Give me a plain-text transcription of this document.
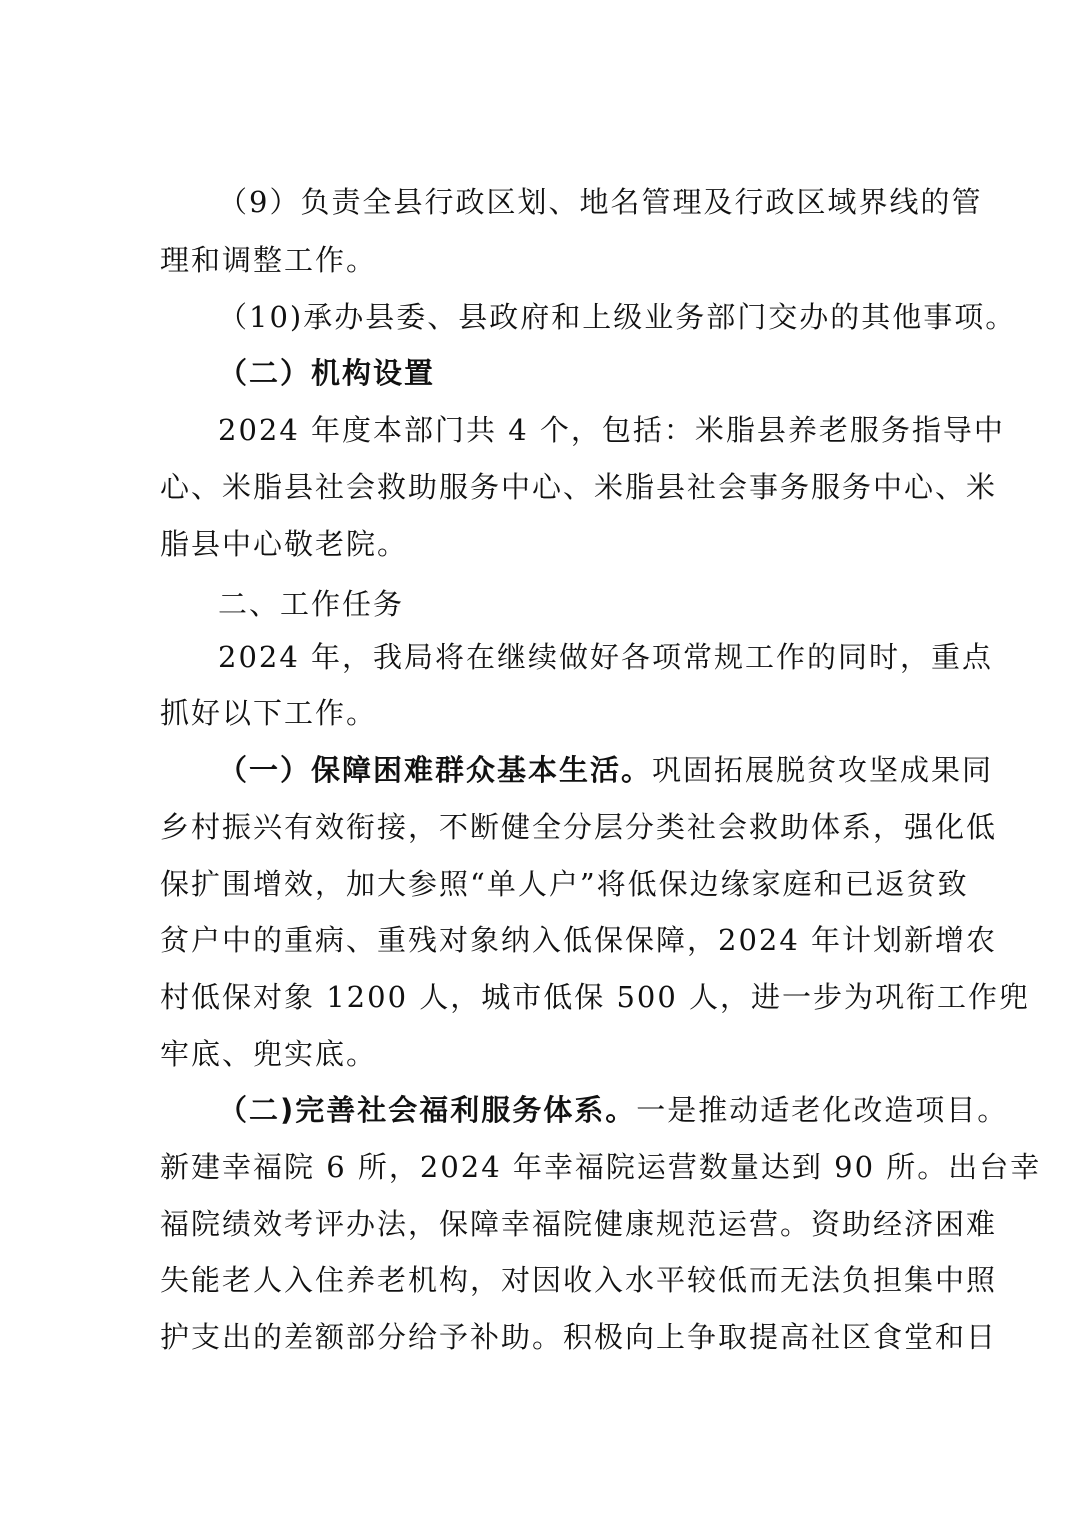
（9）负责全县行政区划、地名管理及行政区域界线的管
理和调整工作。
（10)承办县委、县政府和上级业务部门交办的其他事项。
（二）机构设置
2024 年度本部门共 4 个，包括：米脂县养老服务指导中
心、米脂县社会救助服务中心、米脂县社会事务服务中心、米
脂县中心敬老院。
二、工作任务
2024 年，我局将在继续做好各项常规工作的同时，重点
抓好以下工作。
（一）保障困难群众基本生活。巩固拓展脱贫攻坚成果同
乡村振兴有效衔接，不断健全分层分类社会救助体系，强化低
保扩围增效，加大参照“单人户”将低保边缘家庭和已返贫致
贫户中的重病、重残对象纳入低保保障，2024 年计划新增农
村低保对象 1200 人，城市低保 500 人，进一步为巩衔工作兜
牢底、兜实底。
（二)完善社会福利服务体系。一是推动适老化改造项目。
新建幸福院 6 所，2024 年幸福院运营数量达到 90 所。出台幸
福院绩效考评办法，保障幸福院健康规范运营。资助经济困难
失能老人入住养老机构，对因收入水平较低而无法负担集中照
护支出的差额部分给予补助。积极向上争取提高社区食堂和日
